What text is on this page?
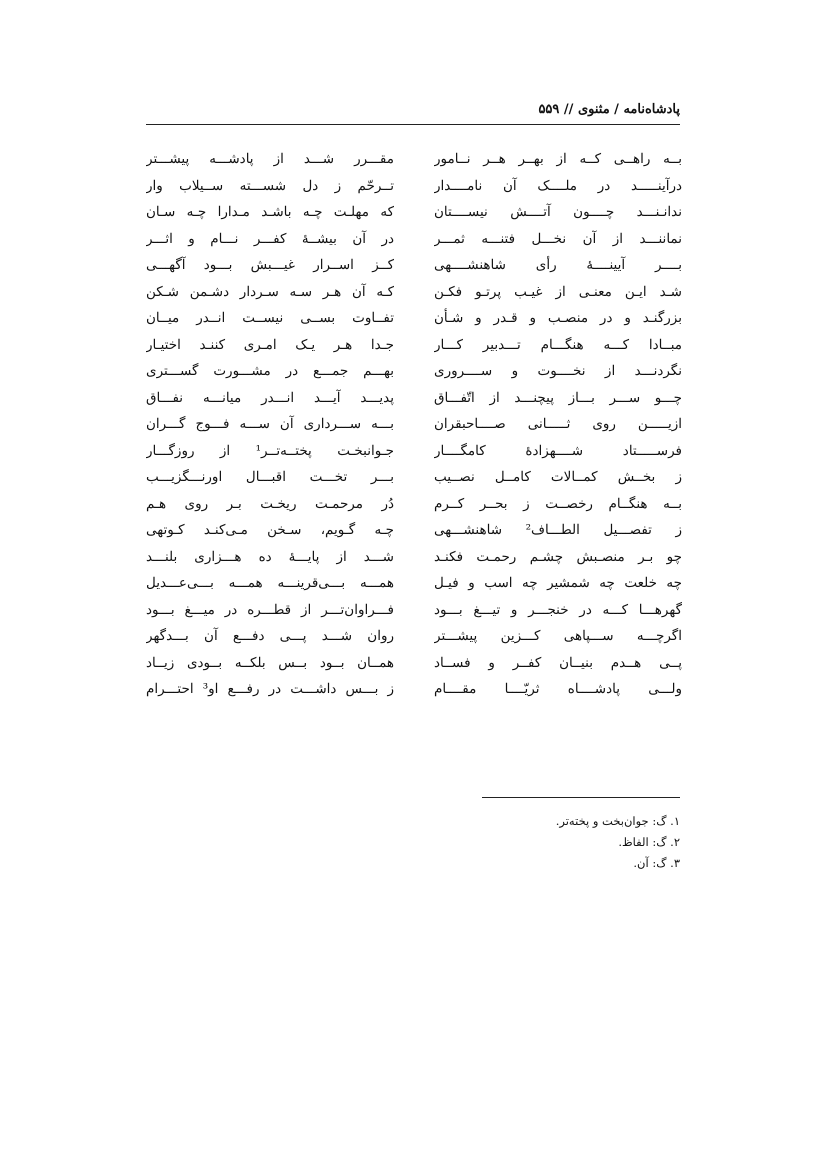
پادشاه‌نامه / مثنوی // ۵۵۹
بــه راهــی کــه از بهــر هــر نــامور
درآینـــــد در ملــــک آن نامــــدار
ندانـنـــد چــــون آتــــش نیســــتان
نماننـــد از آن نخـــل فتنـــه ثمـــر
بــــر آیینــــهٔ رأی شاهنشــــهی
شـد ایـن معنـی از غیـب پرتـو فکـن
بزرگنـد و در منصـب و قـدر و شـأن
مبــادا کـــه هنگـــام تـــدبیر کـــار
نگردنـــد از نخــــوت و ســــروری
چـــو ســـر بـــاز پیچنـــد از اتّفـــاق
ازیـــــن روی ثـــــانی صــــاحبقران
فرســـــتاد شــــهزادهٔ کامگــــار
ز بخــش کمــالات کامــل نصــیب
بــه هنگــام رخصــت ز بحــر کــرم
ز تفصـــیل الطـــاف² شاهنشـــهی
چو بـر منصـبش چشـم رحمـت فکنـد
چه خلعت چه شمشیر چه اسب و فیـل
گهرهـــا کـــه در خنجـــر و تیـــغ بـــود
اگرچـــه ســـپاهی کـــزین پیشـــتر
پــی هــدم بنیــان کفــر و فســاد
ولـــی پادشــــاه ثریّــــا مقــــام
مقـــرر شـــد از پادشـــه پیشـــتر
تــرحّم ز دل شســـته ســیلاب وار
که مهلـت چـه باشـد مـدارا چـه سـان
در آن بیشــهٔ کفـــر نـــام و اثـــر
کــز اســرار غیـــبش بـــود آگهـــی
کـه آن هـر سـه سـردار دشـمن شـکن
تفــاوت بســی نیســت انــدر میــان
جـدا هـر یـک امـری کننـد اختیـار
بهـــم جمـــع در مشـــورت گســـتری
پدیـــد آیـــد انـــدر میانـــه نفـــاق
بـــه ســـرداری آن ســـه فـــوج گـــران
جـوانبخـت پختــه‌تــر¹ از روزگـــار
بـــر تخـــت اقبـــال اورنـــگزیـــب
دُر مرحمـت ریخـت بـر روی هـم
چـه گـویم، سـخن مـی‌کنـد کـوتهی
شـــد از پایـــهٔ ده هـــزاری بلنـــد
همـــه بـــی‌قرینـــه همـــه بـــی‌عـــدیل
فـــراوان‌تـــر از قطـــره در میـــغ بـــود
روان شـــد پـــی دفـــع آن بـــدگهر
همــان بــود بــس بلکــه بــودی زیــاد
ز بـــس داشـــت در رفـــع او³ احتـــرام
۱. گ: جوان‌بخت و پخته‌تر.
۲. گ: الفاظ.
۳. گ: آن.
